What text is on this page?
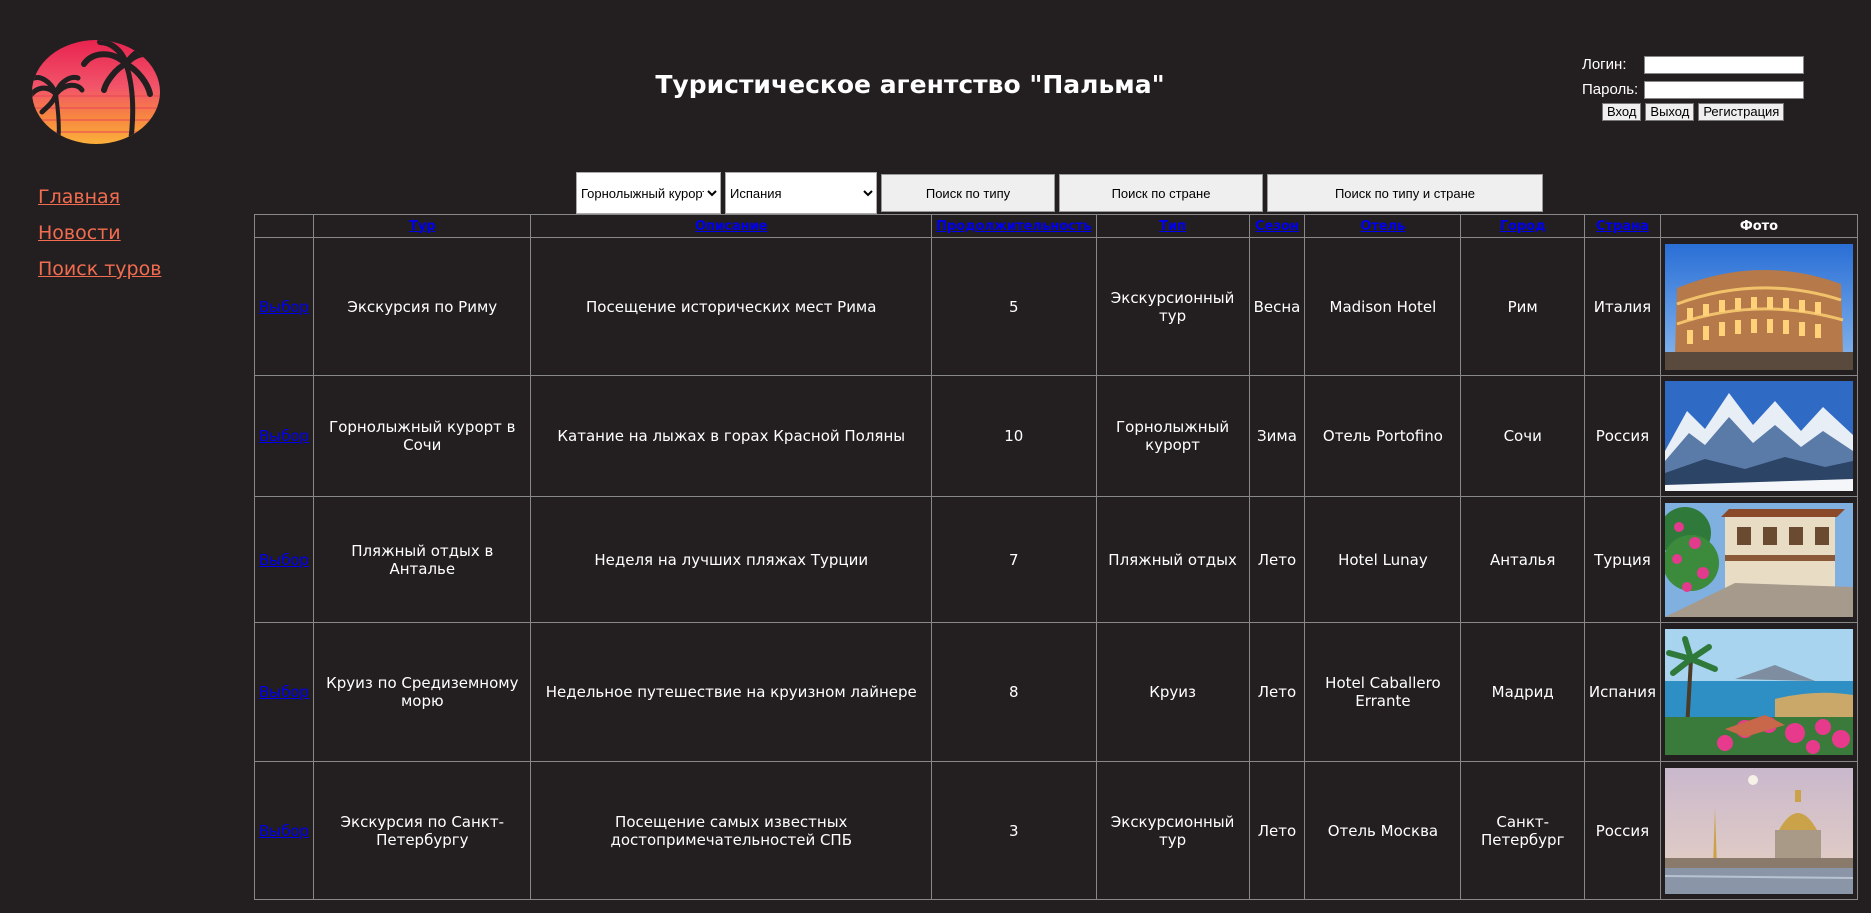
Туристическое агентство "Пальма"
Логин:
Пароль:
Вход	Выход	Регистрация
Главная
Новости
Поиск туров
Горнолыжный курорт
Испания
Поиск по типу	Поиск по стране	Поиск по типу и стране
	Тур	Описание	Продолжительность	Тип	Сезон	Отель	Город	Страна	Фото
Выбор	Экскурсия по Риму	Посещение исторических мест Рима	5	Экскурсионный тур	Весна	Madison Hotel	Рим	Италия	

Выбор	Горнолыжный курорт в Сочи	Катание на лыжах в горах Красной Поляны	10	Горнолыжный курорт	Зима	Отель Portofino	Сочи	Россия	

Выбор	Пляжный отдых в Анталье	Неделя на лучших пляжах Турции	7	Пляжный отдых	Лето	Hotel Lunay	Анталья	Турция	

Выбор	Круиз по Средиземному морю	Недельное путешествие на круизном лайнере	8	Круиз	Лето	Hotel Caballero Errante	Мадрид	Испания	

Выбор	Экскурсия по Санкт-Петербургу	Посещение самых известных достопримечательностей СПБ	3	Экскурсионный тур	Лето	Отель Москва	Санкт-Петербург	Россия	
